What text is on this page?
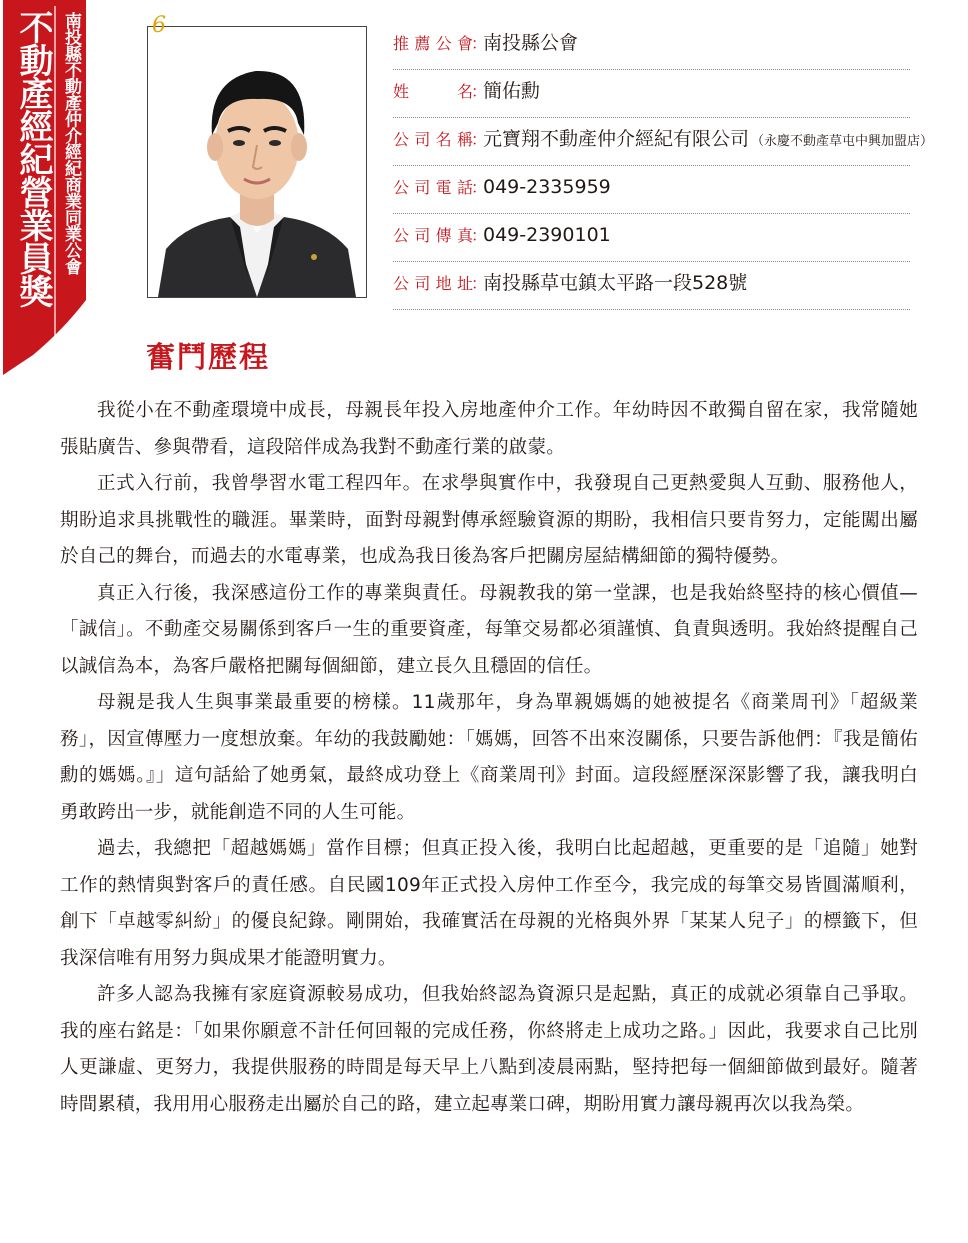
不動產經紀營業員獎 南投縣不動產仲介經紀商業同業公會	6
推薦公會
：
南投縣公會
姓名
：
簡佑勳
公司名稱
：
元寶翔不動產仲介經紀有限公司 （永慶不動產草屯中興加盟店）
公司電話
：
049-2335959
公司傳真
：
049-2390101
公司地址
：
南投縣草屯鎮太平路一段528號
奮鬥歷程

我從小在不動產環境中成長，母親長年投入房地產仲介工作。年幼時因不敢獨自留在家，我常隨她張貼廣告、參與帶看，這段陪伴成為我對不動產行業的啟蒙。

正式入行前，我曾學習水電工程四年。在求學與實作中，我發現自己更熱愛與人互動、服務他人，期盼追求具挑戰性的職涯。畢業時，面對母親對傳承經驗資源的期盼，我相信只要肯努力，定能闖出屬於自己的舞台，而過去的水電專業，也成為我日後為客戶把關房屋結構細節的獨特優勢。

真正入行後，我深感這份工作的專業與責任。母親教我的第一堂課，也是我始終堅持的核心價值—「誠信」。不動產交易關係到客戶一生的重要資產，每筆交易都必須謹慎、負責與透明。我始終提醒自己以誠信為本，為客戶嚴格把關每個細節，建立長久且穩固的信任。

母親是我人生與事業最重要的榜樣。11歲那年，身為單親媽媽的她被提名《商業周刊》「超級業務」，因宣傳壓力一度想放棄。年幼的我鼓勵她：「媽媽，回答不出來沒關係，只要告訴他們：『我是簡佑勳的媽媽。』」這句話給了她勇氣，最終成功登上《商業周刊》封面。這段經歷深深影響了我，讓我明白勇敢跨出一步，就能創造不同的人生可能。

過去，我總把「超越媽媽」當作目標；但真正投入後，我明白比起超越，更重要的是「追隨」她對工作的熱情與對客戶的責任感。自民國109年正式投入房仲工作至今，我完成的每筆交易皆圓滿順利，創下「卓越零糾紛」的優良紀錄。剛開始，我確實活在母親的光格與外界「某某人兒子」的標籤下，但我深信唯有用努力與成果才能證明實力。

許多人認為我擁有家庭資源較易成功，但我始終認為資源只是起點，真正的成就必須靠自己爭取。我的座右銘是：「如果你願意不計任何回報的完成任務，你終將走上成功之路。」因此，我要求自己比別人更謙虛、更努力，我提供服務的時間是每天早上八點到凌晨兩點，堅持把每一個細節做到最好。隨著時間累積，我用用心服務走出屬於自己的路，建立起專業口碑，期盼用實力讓母親再次以我為榮。
